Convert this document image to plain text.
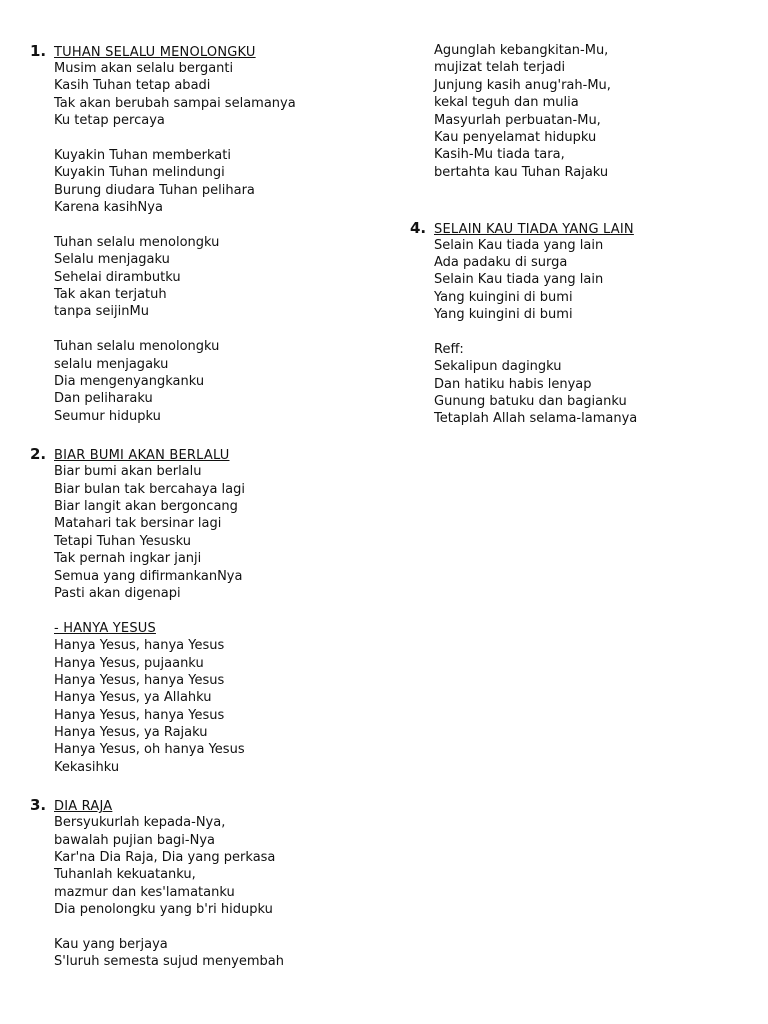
1. TUHAN SELALU MENOLONGKU
Musim akan selalu berganti
Kasih Tuhan tetap abadi
Tak akan berubah sampai selamanya
Ku tetap percaya
Kuyakin Tuhan memberkati
Kuyakin Tuhan melindungi
Burung diudara Tuhan pelihara
Karena kasihNya
Tuhan selalu menolongku
Selalu menjagaku
Sehelai dirambutku
Tak akan terjatuh
tanpa seijinMu
Tuhan selalu menolongku
selalu menjagaku
Dia mengenyangkanku
Dan peliharaku
Seumur hidupku
2. BIAR BUMI AKAN BERLALU
Biar bumi akan berlalu
Biar bulan tak bercahaya lagi
Biar langit akan bergoncang
Matahari tak bersinar lagi
Tetapi Tuhan Yesusku
Tak pernah ingkar janji
Semua yang difirmankanNya
Pasti akan digenapi
- HANYA YESUS
Hanya Yesus, hanya Yesus
Hanya Yesus, pujaanku
Hanya Yesus, hanya Yesus
Hanya Yesus, ya Allahku
Hanya Yesus, hanya Yesus
Hanya Yesus, ya Rajaku
Hanya Yesus, oh hanya Yesus
Kekasihku
3. DIA RAJA
Bersyukurlah kepada-Nya,
bawalah pujian bagi-Nya
Kar'na Dia Raja, Dia yang perkasa
Tuhanlah kekuatanku,
mazmur dan kes'lamatanku
Dia penolongku yang b'ri hidupku
Kau yang berjaya
S'luruh semesta sujud menyembah
Agunglah kebangkitan-Mu,
mujizat telah terjadi
Junjung kasih anug'rah-Mu,
kekal teguh dan mulia
Masyurlah perbuatan-Mu,
Kau penyelamat hidupku
Kasih-Mu tiada tara,
bertahta kau Tuhan Rajaku
4. SELAIN KAU TIADA YANG LAIN
Selain Kau tiada yang lain
Ada padaku di surga
Selain Kau tiada yang lain
Yang kuingini di bumi
Yang kuingini di bumi
Reff:
Sekalipun dagingku
Dan hatiku habis lenyap
Gunung batuku dan bagianku
Tetaplah Allah selama-lamanya
